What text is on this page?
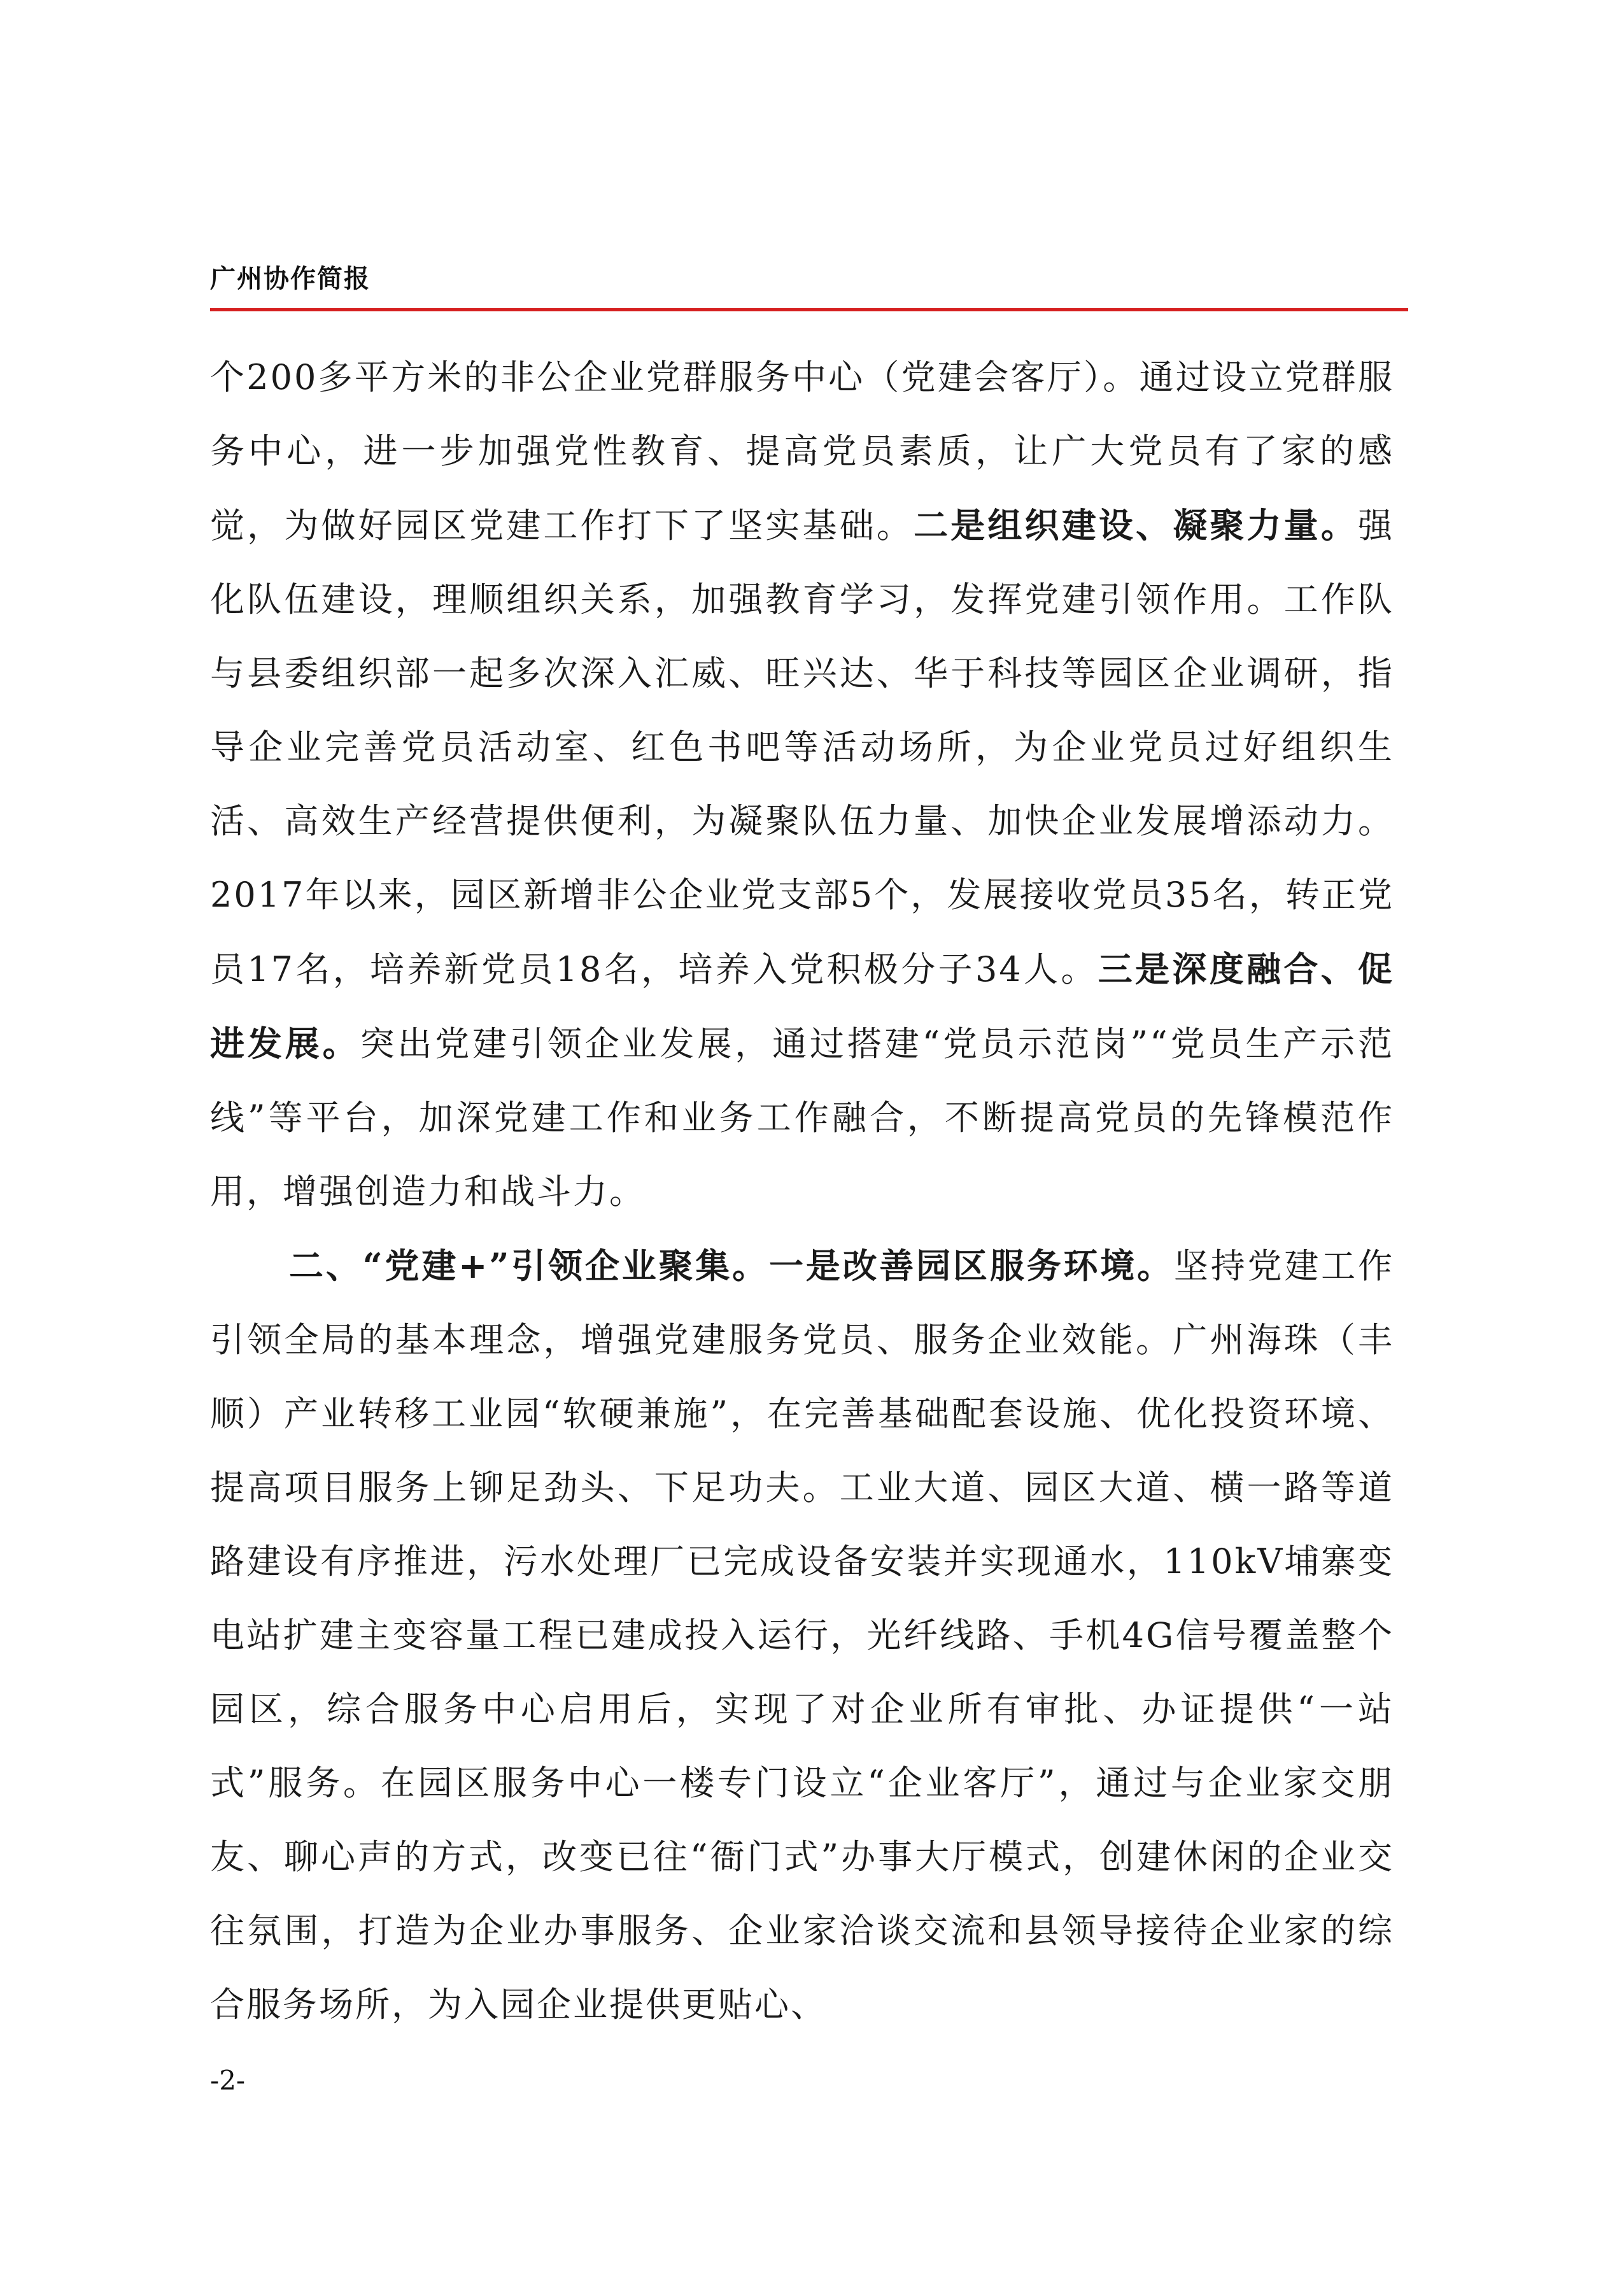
广州协作简报

个200多平方米的非公企业党群服务中心（党建会客厅）。通过设立党群服务中心，进一步加强党性教育、提高党员素质，让广大党员有了家的感觉，为做好园区党建工作打下了坚实基础。二是组织建设、凝聚力量。强化队伍建设，理顺组织关系，加强教育学习，发挥党建引领作用。工作队与县委组织部一起多次深入汇威、旺兴达、华于科技等园区企业调研，指导企业完善党员活动室、红色书吧等活动场所，为企业党员过好组织生活、高效生产经营提供便利，为凝聚队伍力量、加快企业发展增添动力。2017年以来，园区新增非公企业党支部5个，发展接收党员35名，转正党员17名，培养新党员18名，培养入党积极分子34人。三是深度融合、促进发展。突出党建引领企业发展，通过搭建“党员示范岗”“党员生产示范线”等平台，加深党建工作和业务工作融合，不断提高党员的先锋模范作用，增强创造力和战斗力。

二、“党建+”引领企业聚集。一是改善园区服务环境。坚持党建工作引领全局的基本理念，增强党建服务党员、服务企业效能。广州海珠（丰顺）产业转移工业园“软硬兼施”，在完善基础配套设施、优化投资环境、提高项目服务上铆足劲头、下足功夫。工业大道、园区大道、横一路等道路建设有序推进，污水处理厂已完成设备安装并实现通水，110kV埔寨变电站扩建主变容量工程已建成投入运行，光纤线路、手机4G信号覆盖整个园区，综合服务中心启用后，实现了对企业所有审批、办证提供“一站式”服务。在园区服务中心一楼专门设立“企业客厅”，通过与企业家交朋友、聊心声的方式，改变已往“衙门式”办事大厅模式，创建休闲的企业交往氛围，打造为企业办事服务、企业家洽谈交流和县领导接待企业家的综合服务场所，为入园企业提供更贴心、

-2-
